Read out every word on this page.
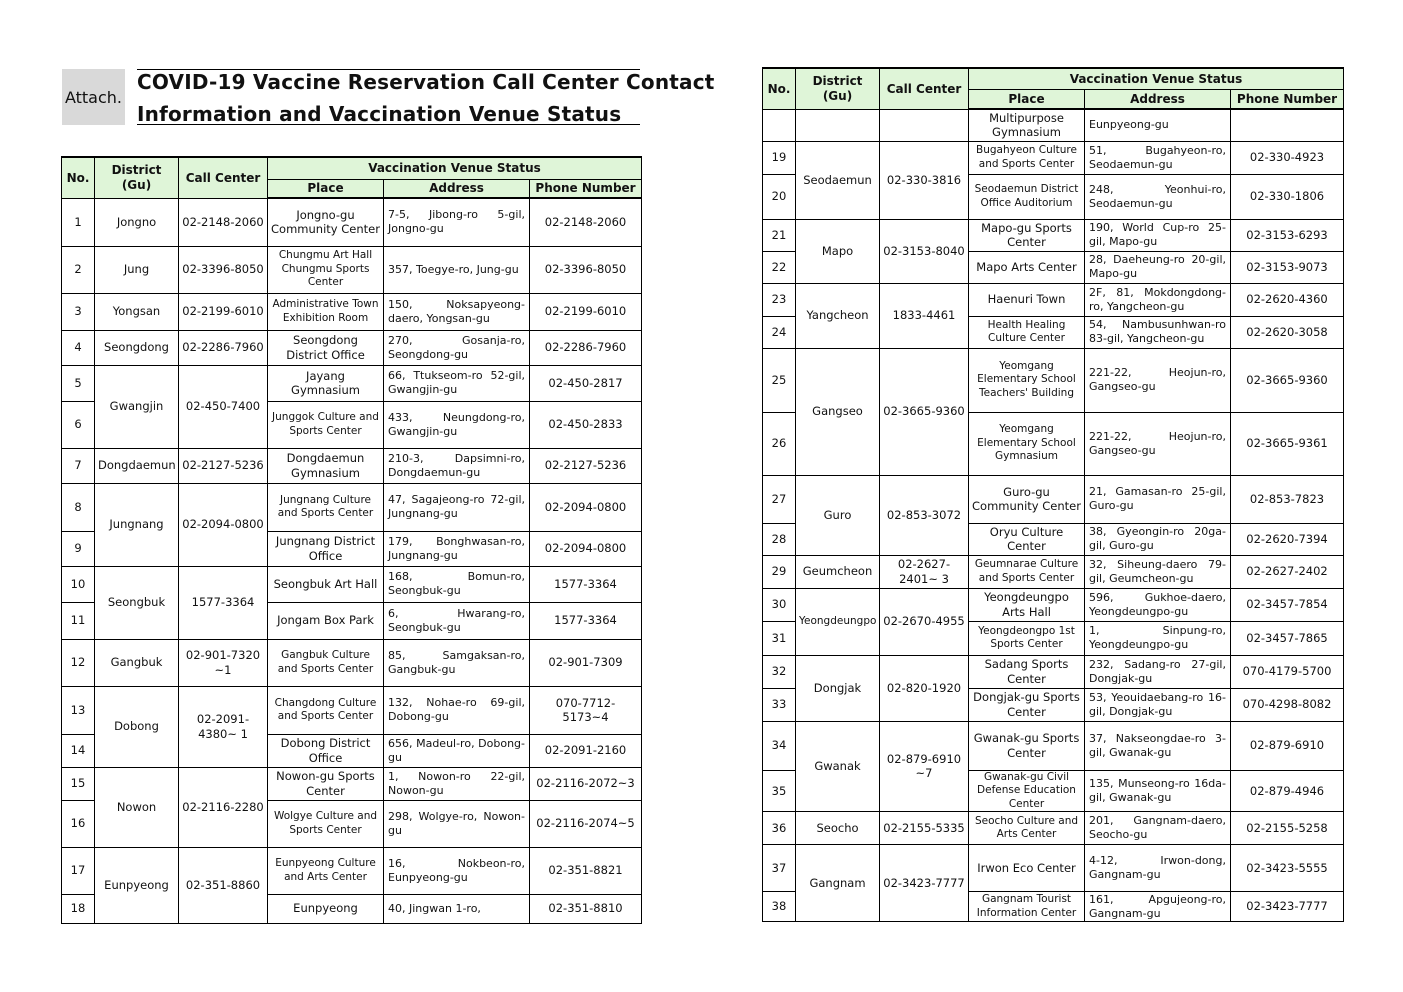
Attach.
COVID-19 Vaccine Reservation Call Center Contact
Information and Vaccination Venue Status
No.	District (Gu)	Call Center	Vaccination Venue Status		
			Place	Address	Phone Number
1	Jongno	02-2148-2060	Jongno-gu Community Center	7-5, Jibong-ro 5-gil, Jongno-gu	02-2148-2060
2	Jung	02-3396-8050	Chungmu Art Hall Chungmu Sports Center	357, Toegye-ro, Jung-gu	02-3396-8050
3	Yongsan	02-2199-6010	Administrative Town Exhibition Room	150, Noksapyeong-daero, Yongsan-gu	02-2199-6010
4	Seongdong	02-2286-7960	Seongdong District Office	270, Gosanja-ro, Seongdong-gu	02-2286-7960
5	Gwangjin	02-450-7400	Jayang Gymnasium	66, Ttukseom-ro 52-gil, Gwangjin-gu	02-450-2817
6			Junggok Culture and Sports Center	433, Neungdong-ro, Gwangjin-gu	02-450-2833
7	Dongdaemun	02-2127-5236	Dongdaemun Gymnasium	210-3, Dapsimni-ro, Dongdaemun-gu	02-2127-5236
8	Jungnang	02-2094-0800	Jungnang Culture and Sports Center	47, Sagajeong-ro 72-gil, Jungnang-gu	02-2094-0800
9			Jungnang District Office	179, Bonghwasan-ro, Jungnang-gu	02-2094-0800
10	Seongbuk	1577-3364	Seongbuk Art Hall	168, Bomun-ro, Seongbuk-gu	1577-3364
11			Jongam Box Park	6, Hwarang-ro, Seongbuk-gu	1577-3364
12	Gangbuk	02-901-7320 ~1	Gangbuk Culture and Sports Center	85, Samgaksan-ro, Gangbuk-gu	02-901-7309
13	Dobong	02-2091-4380~ 1	Changdong Culture and Sports Center	132, Nohae-ro 69-gil, Dobong-gu	070-7712-5173~4
14			Dobong District Office	656, Madeul-ro, Dobong-gu	02-2091-2160
15	Nowon	02-2116-2280	Nowon-gu Sports Center	1, Nowon-ro 22-gil, Nowon-gu	02-2116-2072~3
16			Wolgye Culture and Sports Center	298, Wolgye-ro, Nowon-gu	02-2116-2074~5
17	Eunpyeong	02-351-8860	Eunpyeong Culture and Arts Center	16, Nokbeon-ro, Eunpyeong-gu	02-351-8821
18			Eunpyeong	40, Jingwan 1-ro,	02-351-8810
No.	District (Gu)	Call Center	Vaccination Venue Status		
			Place	Address	Phone Number
			Multipurpose Gymnasium	Eunpyeong-gu	
19	Seodaemun	02-330-3816	Bugahyeon Culture and Sports Center	51, Bugahyeon-ro, Seodaemun-gu	02-330-4923
20			Seodaemun District Office Auditorium	248, Yeonhui-ro, Seodaemun-gu	02-330-1806
21	Mapo	02-3153-8040	Mapo-gu Sports Center	190, World Cup-ro 25-gil, Mapo-gu	02-3153-6293
22			Mapo Arts Center	28, Daeheung-ro 20-gil, Mapo-gu	02-3153-9073
23	Yangcheon	1833-4461	Haenuri Town	2F, 81, Mokdongdong-ro, Yangcheon-gu	02-2620-4360
24			Health Healing Culture Center	54, Nambusunhwan-ro 83-gil, Yangcheon-gu	02-2620-3058
25	Gangseo	02-3665-9360	Yeomgang Elementary School Teachers' Building	221-22, Heojun-ro, Gangseo-gu	02-3665-9360
26			Yeomgang Elementary School Gymnasium	221-22, Heojun-ro, Gangseo-gu	02-3665-9361
27	Guro	02-853-3072	Guro-gu Community Center	21, Gamasan-ro 25-gil, Guro-gu	02-853-7823
28			Oryu Culture Center	38, Gyeongin-ro 20ga-gil, Guro-gu	02-2620-7394
29	Geumcheon	02-2627-2401~ 3	Geumnarae Culture and Sports Center	32, Siheung-daero 79-gil, Geumcheon-gu	02-2627-2402
30	Yeongdeungpo	02-2670-4955	Yeongdeungpo Arts Hall	596, Gukhoe-daero, Yeongdeungpo-gu	02-3457-7854
31			Yeongdeongpo 1st Sports Center	1, Sinpung-ro, Yeongdeungpo-gu	02-3457-7865
32	Dongjak	02-820-1920	Sadang Sports Center	232, Sadang-ro 27-gil, Dongjak-gu	070-4179-5700
33			Dongjak-gu Sports Center	53, Yeouidaebang-ro 16-gil, Dongjak-gu	070-4298-8082
34	Gwanak	02-879-6910 ~7	Gwanak-gu Sports Center	37, Nakseongdae-ro 3-gil, Gwanak-gu	02-879-6910
35			Gwanak-gu Civil Defense Education Center	135, Munseong-ro 16da-gil, Gwanak-gu	02-879-4946
36	Seocho	02-2155-5335	Seocho Culture and Arts Center	201, Gangnam-daero, Seocho-gu	02-2155-5258
37	Gangnam	02-3423-7777	Irwon Eco Center	4-12, Irwon-dong, Gangnam-gu	02-3423-5555
38			Gangnam Tourist Information Center	161, Apgujeong-ro, Gangnam-gu	02-3423-7777
